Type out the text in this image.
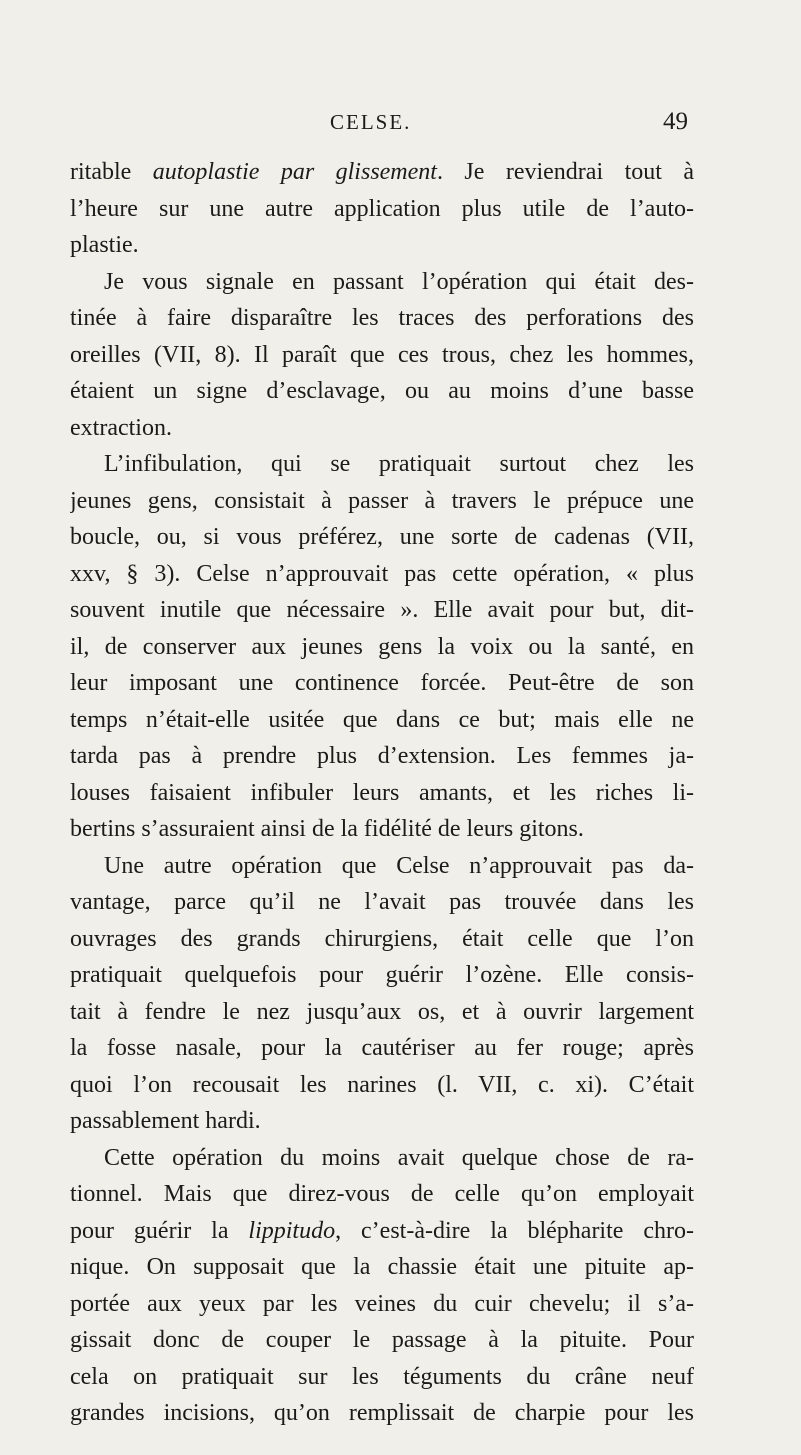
CELSE.	49
ritable autoplastie par glissement. Je reviendrai tout à
l’heure sur une autre application plus utile de l’auto-
plastie.
Je vous signale en passant l’opération qui était des-
tinée à faire disparaître les traces des perforations des
oreilles (VII, 8). Il paraît que ces trous, chez les hommes,
étaient un signe d’esclavage, ou au moins d’une basse
extraction.
L’infibulation, qui se pratiquait surtout chez les
jeunes gens, consistait à passer à travers le prépuce une
boucle, ou, si vous préférez, une sorte de cadenas (VII,
xxv, § 3). Celse n’approuvait pas cette opération, « plus
souvent inutile que nécessaire ». Elle avait pour but, dit-
il, de conserver aux jeunes gens la voix ou la santé, en
leur imposant une continence forcée. Peut-être de son
temps n’était-elle usitée que dans ce but; mais elle ne
tarda pas à prendre plus d’extension. Les femmes ja-
louses faisaient infibuler leurs amants, et les riches li-
bertins s’assuraient ainsi de la fidélité de leurs gitons.
Une autre opération que Celse n’approuvait pas da-
vantage, parce qu’il ne l’avait pas trouvée dans les
ouvrages des grands chirurgiens, était celle que l’on
pratiquait quelquefois pour guérir l’ozène. Elle consis-
tait à fendre le nez jusqu’aux os, et à ouvrir largement
la fosse nasale, pour la cautériser au fer rouge; après
quoi l’on recousait les narines (l. VII, c. xi). C’était
passablement hardi.
Cette opération du moins avait quelque chose de ra-
tionnel. Mais que direz-vous de celle qu’on employait
pour guérir la lippitudo, c’est-à-dire la blépharite chro-
nique. On supposait que la chassie était une pituite ap-
portée aux yeux par les veines du cuir chevelu; il s’a-
gissait donc de couper le passage à la pituite. Pour
cela on pratiquait sur les téguments du crâne neuf
grandes incisions, qu’on remplissait de charpie pour les
